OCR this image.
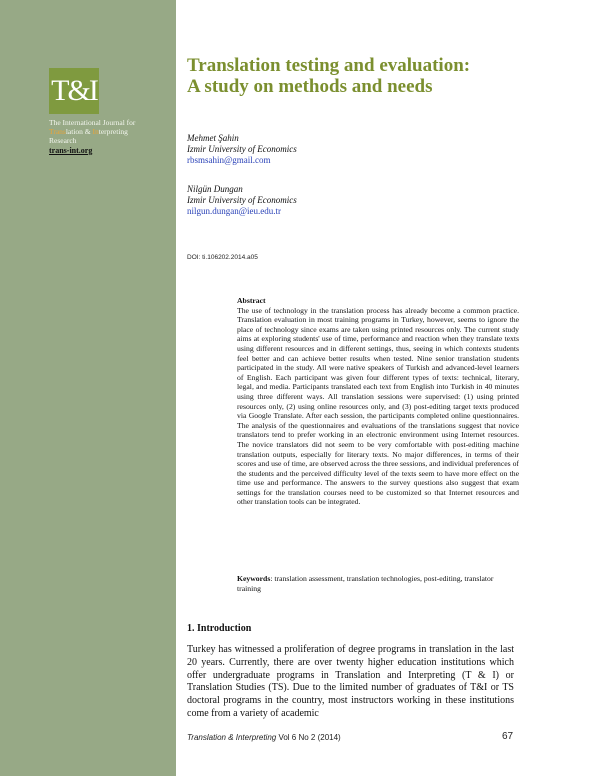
T&I
The International Journal for
Translation & Interpreting
Research
trans-int.org
Translation testing and evaluation:
A study on methods and needs
Mehmet Şahin
Izmir University of Economics
rbsmsahin@gmail.com
Nilgün Dungan
Izmir University of Economics
nilgun.dungan@ieu.edu.tr
DOI: ti.106202.2014.a05
Abstract
The use of technology in the translation process has already become a common practice. Translation evaluation in most training programs in Turkey, however, seems to ignore the place of technology since exams are taken using printed resources only. The current study aims at exploring students' use of time, performance and reaction when they translate texts using different resources and in different settings, thus, seeing in which contexts students feel better and can achieve better results when tested. Nine senior translation students participated in the study. All were native speakers of Turkish and advanced-level learners of English. Each participant was given four different types of texts: technical, literary, legal, and media. Participants translated each text from English into Turkish in 40 minutes using three different ways. All translation sessions were supervised: (1) using printed resources only, (2) using online resources only, and (3) post-editing target texts produced via Google Translate. After each session, the participants completed online questionnaires. The analysis of the questionnaires and evaluations of the translations suggest that novice translators tend to prefer working in an electronic environment using Internet resources. The novice translators did not seem to be very comfortable with post-editing machine translation outputs, especially for literary texts. No major differences, in terms of their scores and use of time, are observed across the three sessions, and individual preferences of the students and the perceived difficulty level of the texts seem to have more effect on the time use and performance. The answers to the survey questions also suggest that exam settings for the translation courses need to be customized so that Internet resources and other translation tools can be integrated.
Keywords: translation assessment, translation technologies, post-editing, translator training
1. Introduction
Turkey has witnessed a proliferation of degree programs in translation in the last 20 years. Currently, there are over twenty higher education institutions which offer undergraduate programs in Translation and Interpreting (T & I) or Translation Studies (TS). Due to the limited number of graduates of T&I or TS doctoral programs in the country, most instructors working in these institutions come from a variety of academic
Translation & Interpreting Vol 6 No 2 (2014)	67
